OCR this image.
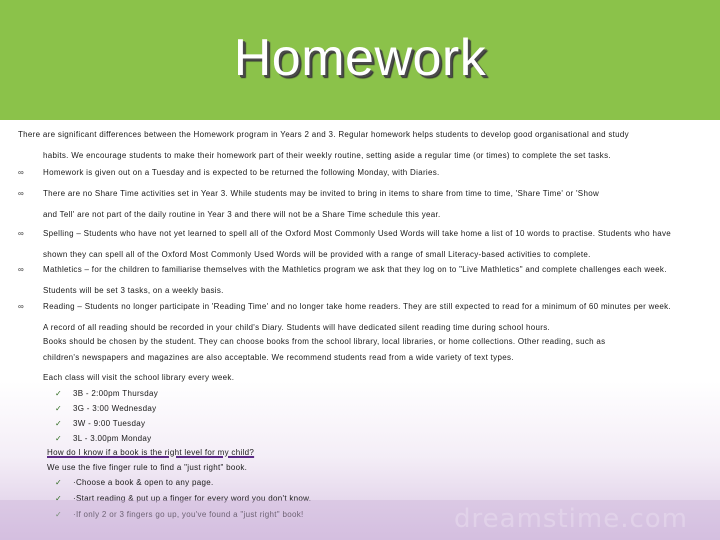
Homework
There are significant differences between the Homework program in Years 2 and 3. Regular homework helps students to develop good organisational and study
habits. We encourage students to make their homework part of their weekly routine, setting aside a regular time (or times) to complete the set tasks.
∞	Homework is given out on a Tuesday and is expected to be returned the following Monday, with Diaries.
∞	There are no Share Time activities set in Year 3. While students may be invited to bring in items to share from time to time, 'Share Time' or 'Show
and Tell' are not part of the daily routine in Year 3 and there will not be a Share Time schedule this year.
∞	Spelling – Students who have not yet learned to spell all of the Oxford Most Commonly Used Words will take home a list of 10 words to practise. Students who have
shown they can spell all of the Oxford Most Commonly Used Words will be provided with a range of small Literacy-based activities to complete.
∞	Mathletics – for the children to familiarise themselves with the Mathletics program we ask that they log on to "Live Mathletics" and complete challenges each week.
Students will be set 3 tasks, on a weekly basis.
∞	Reading – Students no longer participate in 'Reading Time' and no longer take home readers. They are still expected to read for a minimum of 60 minutes per week.
A record of all reading should be recorded in your child's Diary. Students will have dedicated silent reading time during school hours.
Books should be chosen by the student. They can choose books from the school library, local libraries, or home collections. Other reading, such as
children's newspapers and magazines are also acceptable. We recommend students read from a wide variety of text types.
Each class will visit the school library every week.
✓ 3B - 2:00pm Thursday
✓ 3G - 3:00 Wednesday
✓ 3W - 9:00 Tuesday
✓ 3L - 3.00pm Monday
How do I know if a book is the right level for my child?
We use the five finger rule to find a "just right" book.
✓ ·Choose a book & open to any page.
✓ ·Start reading & put up a finger for every word you don't know.
✓ ·If only 2 or 3 fingers go up, you've found a "just right" book!	dreamstime.com
